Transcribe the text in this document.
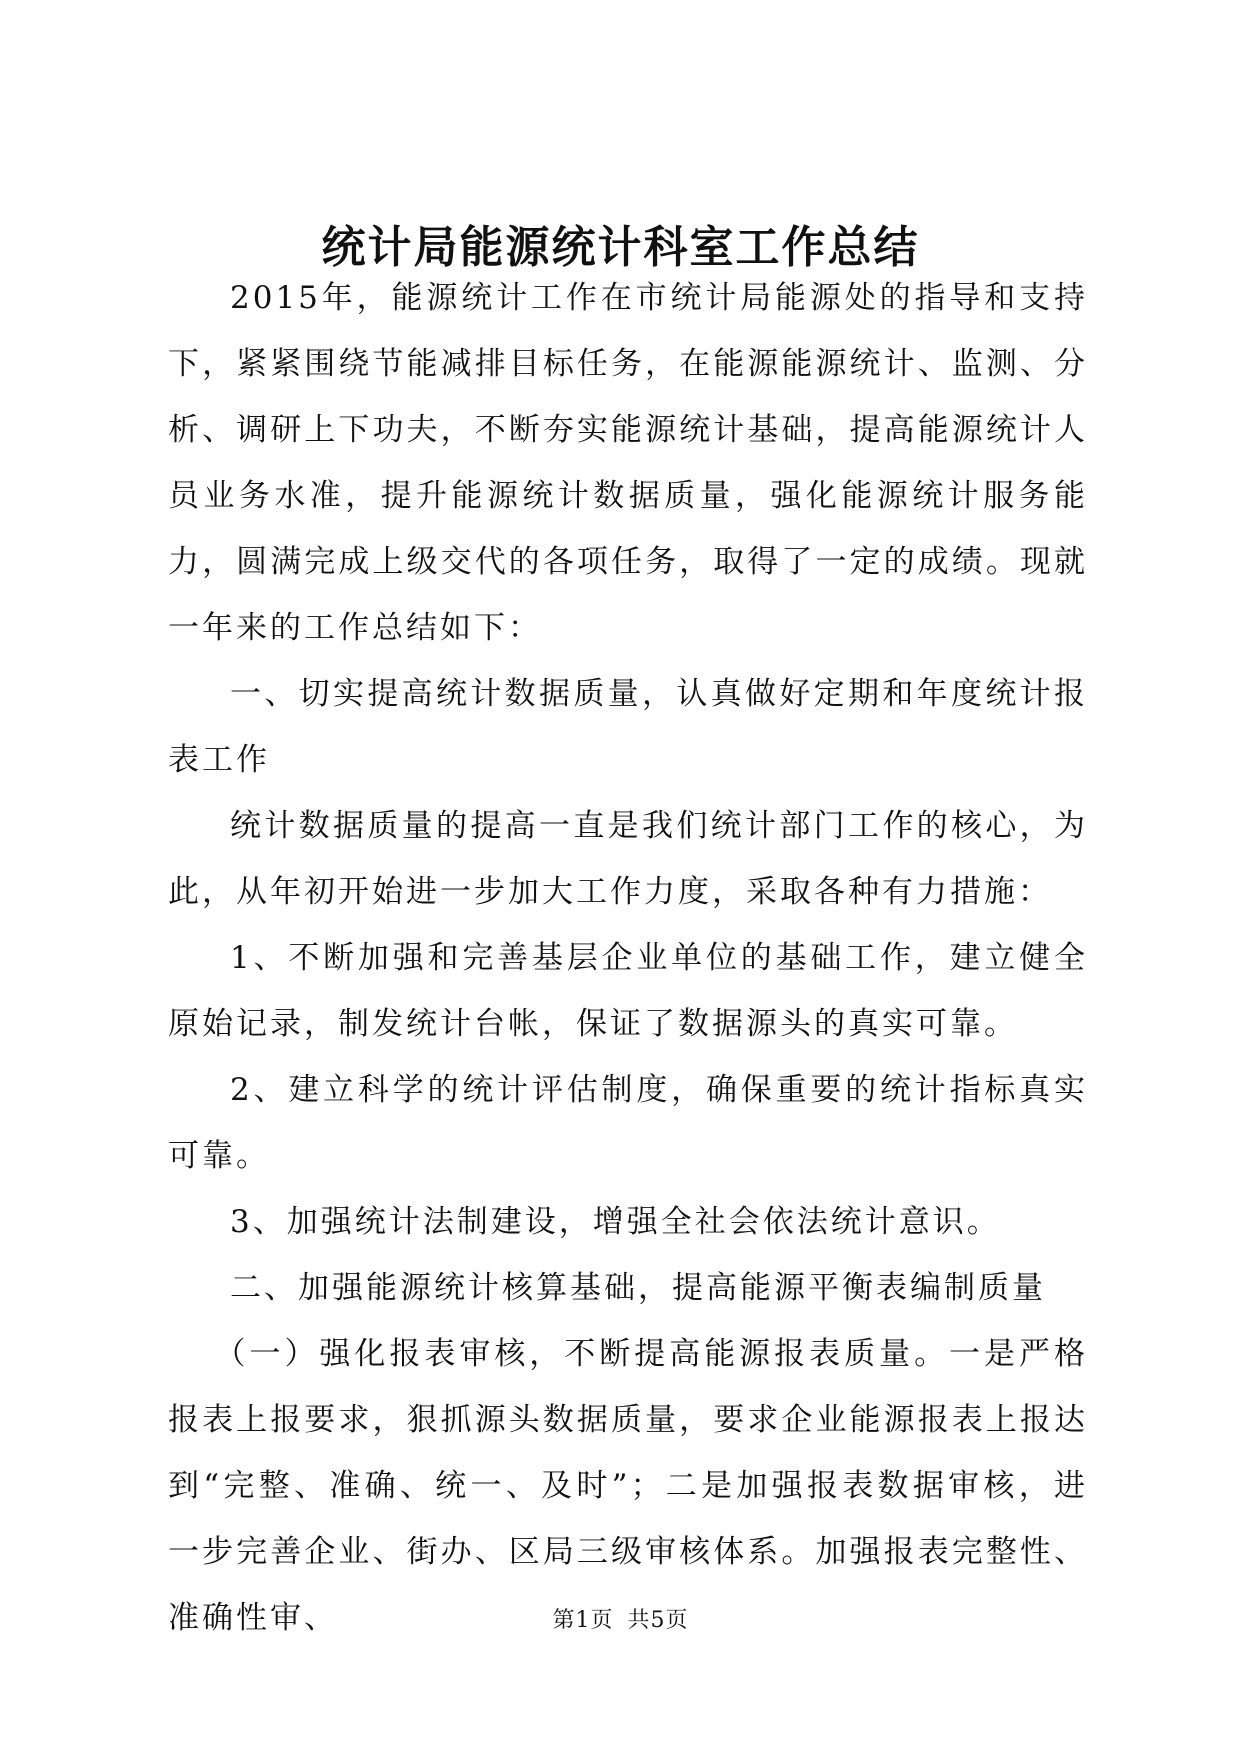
统计局能源统计科室工作总结

2015年，能源统计工作在市统计局能源处的指导和支持下，紧紧围绕节能减排目标任务，在能源能源统计、监测、分析、调研上下功夫，不断夯实能源统计基础，提高能源统计人员业务水准，提升能源统计数据质量，强化能源统计服务能力，圆满完成上级交代的各项任务，取得了一定的成绩。现就一年来的工作总结如下：

一、切实提高统计数据质量，认真做好定期和年度统计报表工作

统计数据质量的提高一直是我们统计部门工作的核心，为此，从年初开始进一步加大工作力度，采取各种有力措施：

1、不断加强和完善基层企业单位的基础工作，建立健全原始记录，制发统计台帐，保证了数据源头的真实可靠。

2、建立科学的统计评估制度，确保重要的统计指标真实可靠。

3、加强统计法制建设，增强全社会依法统计意识。

二、加强能源统计核算基础，提高能源平衡表编制质量

（一）强化报表审核，不断提高能源报表质量。一是严格报表上报要求，狠抓源头数据质量，要求企业能源报表上报达到“完整、准确、统一、及时”；二是加强报表数据审核，进一步完善企业、街办、区局三级审核体系。加强报表完整性、准确性审、	第1页 共5页
